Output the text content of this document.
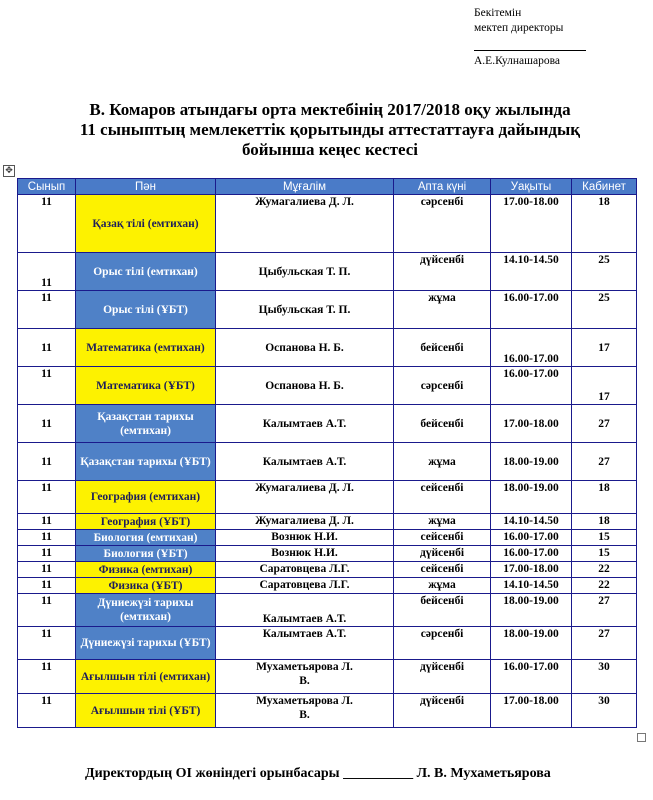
Бекітемін
мектеп директоры
А.Е.Кулнашарова
В. Комаров атындағы орта мектебінің 2017/2018 оқу жылында
11 сыныптың мемлекеттік қорытынды аттестаттауға дайындық
бойынша кеңес кестесі
✥
Сынып	Пән	Мұғалім	Апта күні	Уақыты	Кабинет
11	Қазақ тілі (емтихан)	Жумагалиева Д. Л.	сәрсенбі	17.00-18.00	18
11	Орыс тілі (емтихан)	Цыбульская Т. П.	дүйсенбі	14.10-14.50	25
11	Орыс тілі (ҰБТ)	Цыбульская Т. П.	жұма	16.00-17.00	25
11	Математика (емтихан)	Оспанова Н. Б.	бейсенбі	16.00-17.00	17
11	Математика (ҰБТ)	Оспанова Н. Б.	сәрсенбі	16.00-17.00	17
11	Қазақстан тарихы (емтихан)	Калымтаев А.Т.	бейсенбі	17.00-18.00	27
11	Қазақстан тарихы (ҰБТ)	Калымтаев А.Т.	жұма	18.00-19.00	27
11	География (емтихан)	Жумагалиева Д. Л.	сейсенбі	18.00-19.00	18
11	География (ҰБТ)	Жумагалиева Д. Л.	жұма	14.10-14.50	18
11	Биология (емтихан)	Вознюк Н.И.	сейсенбі	16.00-17.00	15
11	Биология (ҰБТ)	Вознюк Н.И.	дүйсенбі	16.00-17.00	15
11	Физика (емтихан)	Саратовцева Л.Г.	сейсенбі	17.00-18.00	22
11	Физика (ҰБТ)	Саратовцева Л.Г.	жұма	14.10-14.50	22
11	Дүниежүзі тарихы (емтихан)	Калымтаев А.Т.	бейсенбі	18.00-19.00	27
11	Дүниежүзі тарихы (ҰБТ)	Калымтаев А.Т.	сәрсенбі	18.00-19.00	27
11	Ағылшын тілі (емтихан)	Мухаметьярова Л. В.	дүйсенбі	16.00-17.00	30
11	Ағылшын тілі (ҰБТ)	Мухаметьярова Л. В.	дүйсенбі	17.00-18.00	30
Директордың ОІ жөніндегі орынбасары __________ Л. В. Мухаметьярова
